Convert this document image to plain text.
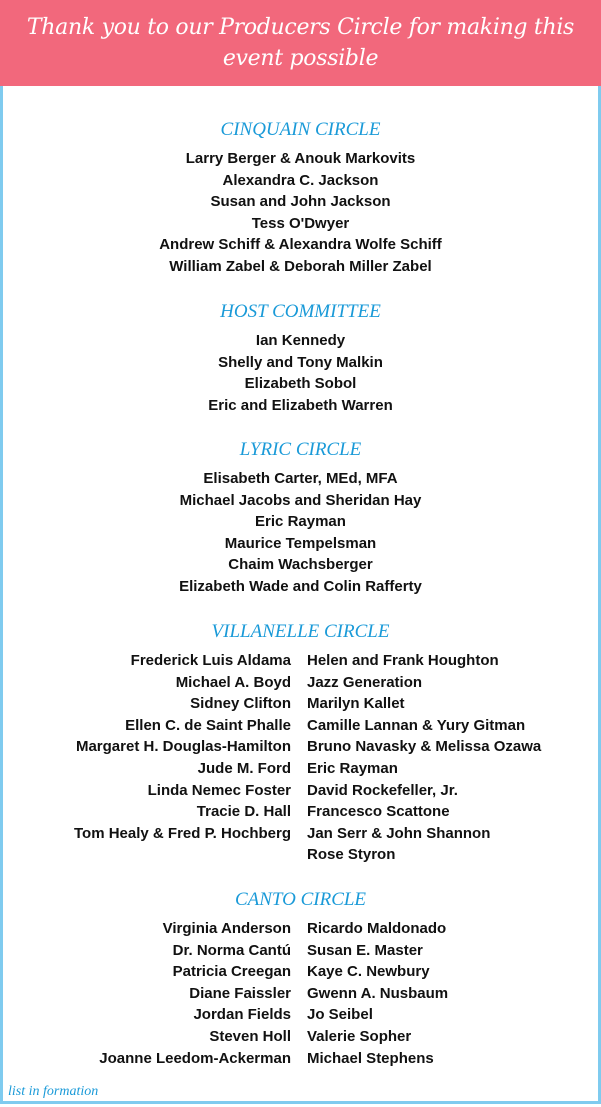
Thank you to our Producers Circle for making this event possible
CINQUAIN CIRCLE
Larry Berger & Anouk Markovits
Alexandra C. Jackson
Susan and John Jackson
Tess O'Dwyer
Andrew Schiff & Alexandra Wolfe Schiff
William Zabel & Deborah Miller Zabel
HOST COMMITTEE
Ian Kennedy
Shelly and Tony Malkin
Elizabeth Sobol
Eric and Elizabeth Warren
LYRIC CIRCLE
Elisabeth Carter, MEd, MFA
Michael Jacobs and Sheridan Hay
Eric Rayman
Maurice Tempelsman
Chaim Wachsberger
Elizabeth Wade and Colin Rafferty
VILLANELLE CIRCLE
Frederick Luis Aldama
Michael A. Boyd
Sidney Clifton
Ellen C. de Saint Phalle
Margaret H. Douglas-Hamilton
Jude M. Ford
Linda Nemec Foster
Tracie D. Hall
Tom Healy & Fred P. Hochberg
Helen and Frank Houghton
Jazz Generation
Marilyn Kallet
Camille Lannan & Yury Gitman
Bruno Navasky & Melissa Ozawa
Eric Rayman
David Rockefeller, Jr.
Francesco Scattone
Jan Serr & John Shannon
Rose Styron
CANTO CIRCLE
Virginia Anderson
Dr. Norma Cantú
Patricia Creegan
Diane Faissler
Jordan Fields
Steven Holl
Joanne Leedom-Ackerman
Ricardo Maldonado
Susan E. Master
Kaye C. Newbury
Gwenn A. Nusbaum
Jo Seibel
Valerie Sopher
Michael Stephens
list in formation
